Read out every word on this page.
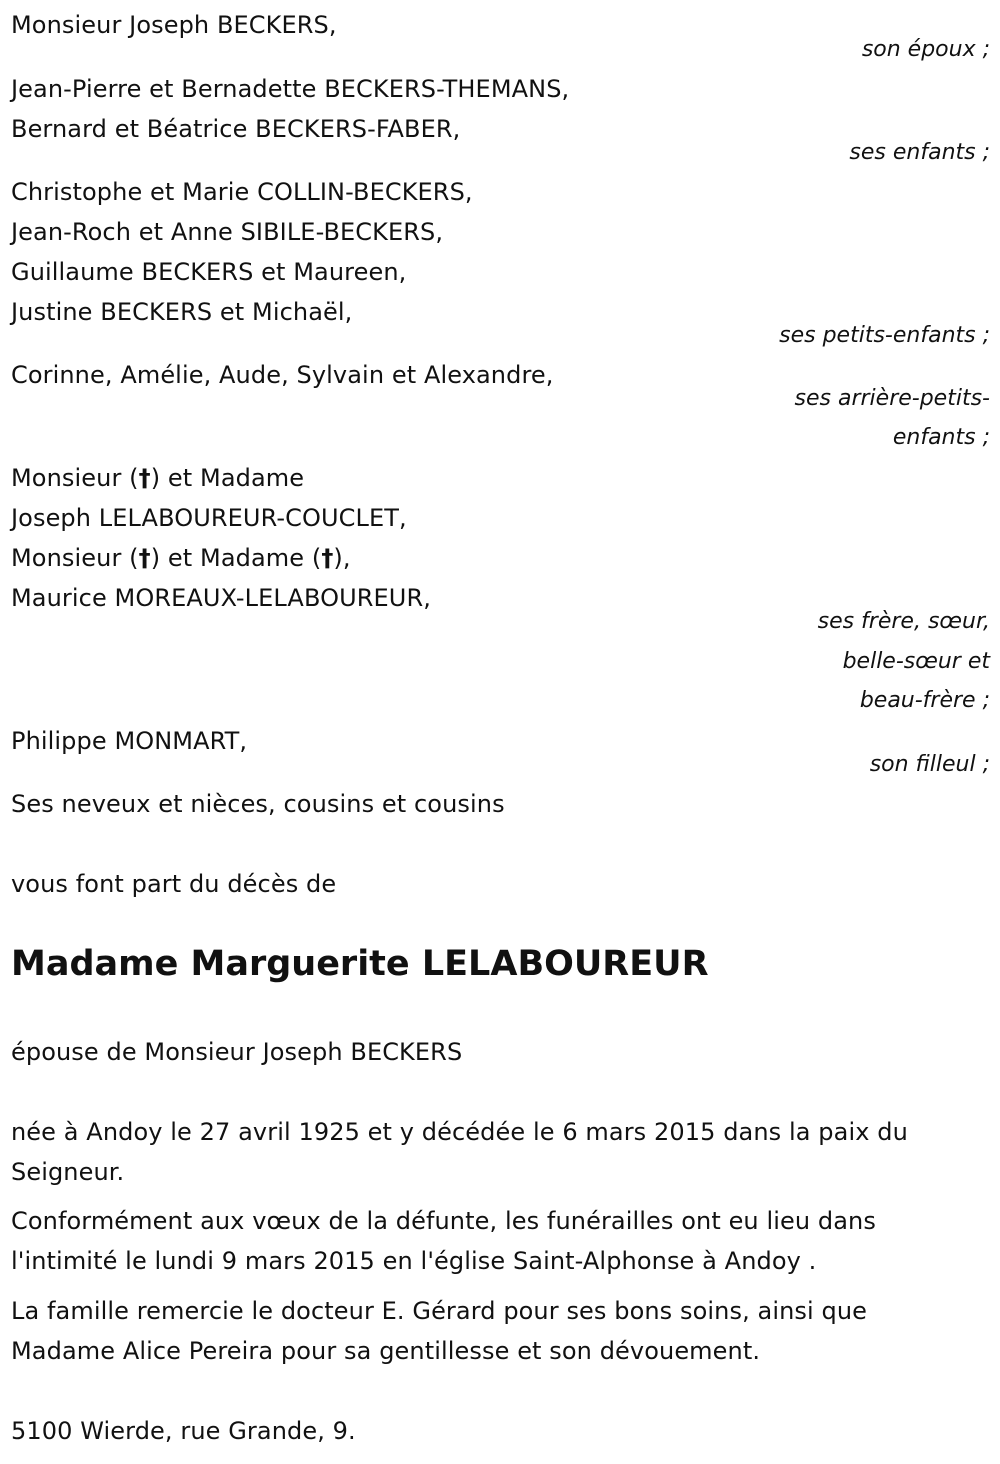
Monsieur Joseph BECKERS,
son époux ;
Jean-Pierre et Bernadette BECKERS-THEMANS,
Bernard et Béatrice BECKERS-FABER,
ses enfants ;
Christophe et Marie COLLIN-BECKERS,
Jean-Roch et Anne SIBILE-BECKERS,
Guillaume BECKERS et Maureen,
Justine BECKERS et Michaël,
ses petits-enfants ;
Corinne, Amélie, Aude, Sylvain et Alexandre,
ses arrière-petits-
enfants ;
Monsieur (†) et Madame
Joseph LELABOUREUR-COUCLET,
Monsieur (†) et Madame (†),
Maurice MOREAUX-LELABOUREUR,
ses frère, sœur,
belle-sœur et
beau-frère ;
Philippe MONMART,
son filleul ;
Ses neveux et nièces, cousins et cousins
vous font part du décès de
Madame Marguerite LELABOUREUR
épouse de Monsieur Joseph BECKERS
née à Andoy le 27 avril 1925 et y décédée le 6 mars 2015 dans la paix du
Seigneur.
Conformément aux vœux de la défunte, les funérailles ont eu lieu dans
l'intimité le lundi 9 mars 2015 en l'église Saint-Alphonse à Andoy .
La famille remercie le docteur E. Gérard pour ses bons soins, ainsi que
Madame Alice Pereira pour sa gentillesse et son dévouement.
5100 Wierde, rue Grande, 9.
